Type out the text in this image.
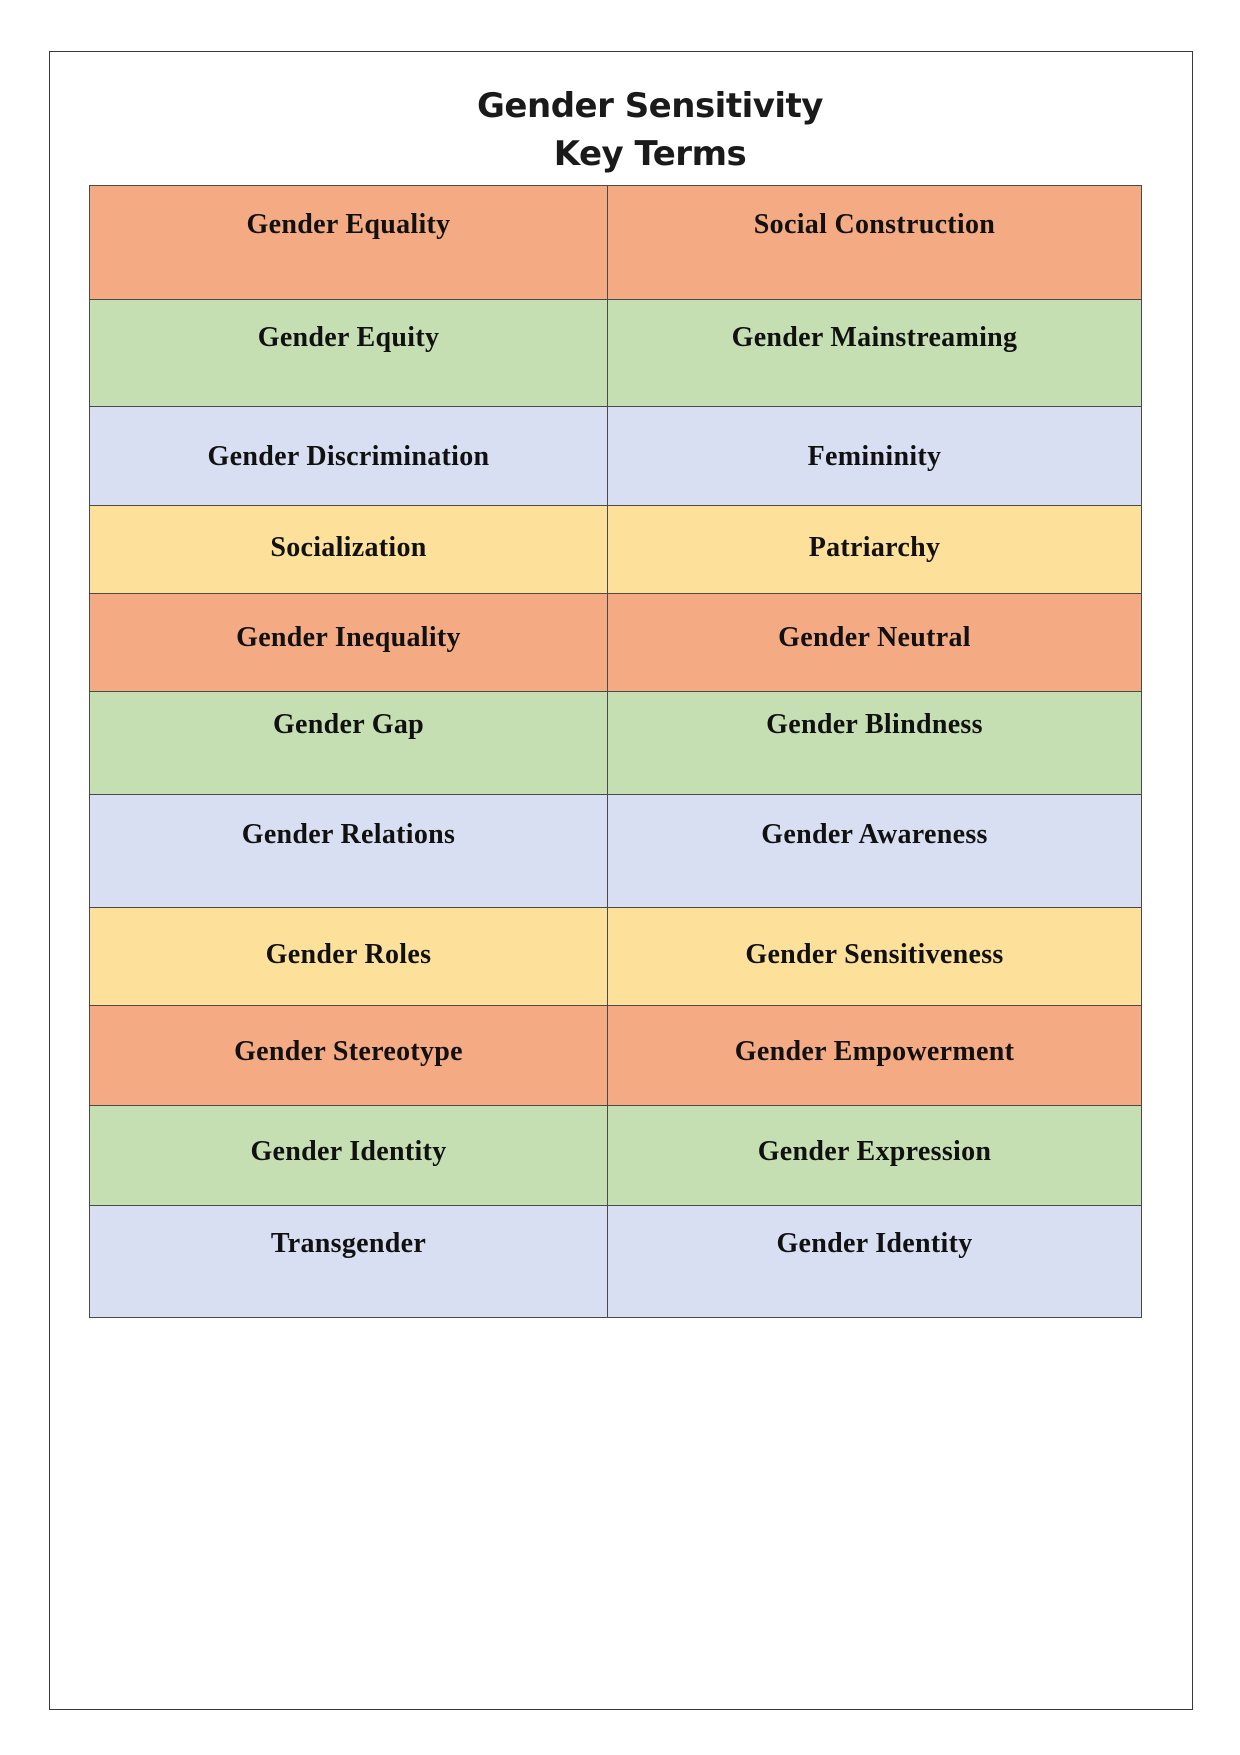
Gender Sensitivity
Key Terms
Gender Equality	Social Construction

Gender Equity	Gender Mainstreaming

Gender Discrimination	Femininity

Socialization	Patriarchy

Gender Inequality	Gender Neutral

Gender Gap	Gender Blindness

Gender Relations	Gender Awareness

Gender Roles	Gender Sensitiveness

Gender Stereotype	Gender Empowerment

Gender Identity	Gender Expression

Transgender	Gender Identity
